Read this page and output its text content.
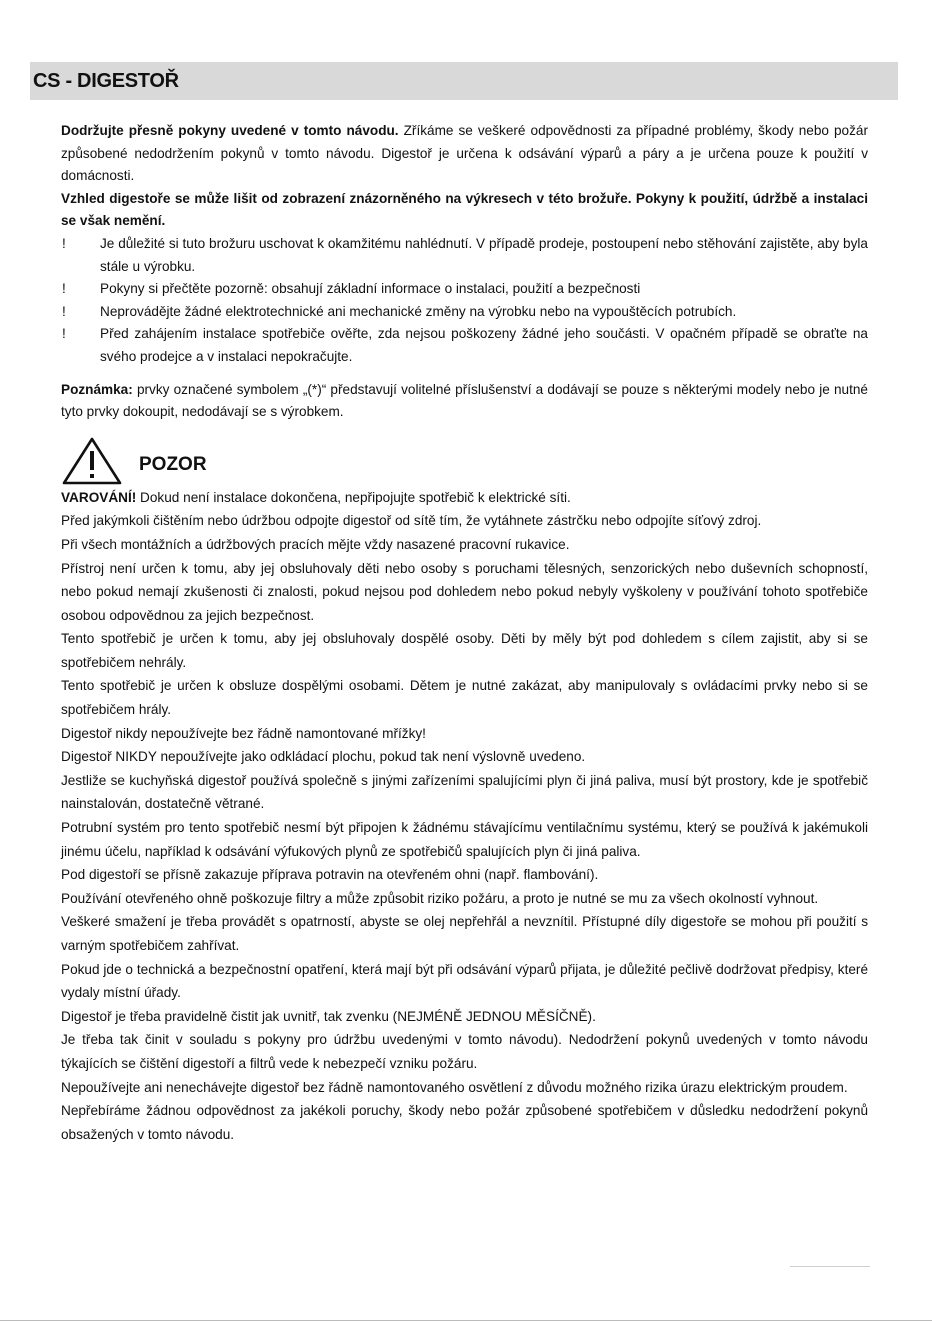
CS - DIGESTOŘ

Dodržujte přesně pokyny uvedené v tomto návodu. Zříkáme se veškeré odpovědnosti za případné problémy, škody nebo požár způsobené nedodržením pokynů v tomto návodu. Digestoř je určena k odsávání výparů a páry a je určena pouze k použití v domácnosti.

Vzhled digestoře se může lišit od zobrazení znázorněného na výkresech v této brožuře. Pokyny k použití, údržbě a instalaci se však nemění.

!	Je důležité si tuto brožuru uschovat k okamžitému nahlédnutí. V případě prodeje, postoupení nebo stěhování zajistěte, aby byla stále u výrobku.

!	Pokyny si přečtěte pozorně: obsahují základní informace o instalaci, použití a bezpečnosti

!	Neprovádějte žádné elektrotechnické ani mechanické změny na výrobku nebo na vypouštěcích potrubích.

!	Před zahájením instalace spotřebiče ověřte, zda nejsou poškozeny žádné jeho součásti. V opačném případě se obraťte na svého prodejce a v instalaci nepokračujte.

Poznámka: prvky označené symbolem „(*)“ představují volitelné příslušenství a dodávají se pouze s některými modely nebo je nutné tyto prvky dokoupit, nedodávají se s výrobkem.

POZOR

VAROVÁNÍ! Dokud není instalace dokončena, nepřipojujte spotřebič k elektrické síti.

Před jakýmkoli čištěním nebo údržbou odpojte digestoř od sítě tím, že vytáhnete zástrčku nebo odpojíte síťový zdroj.

Při všech montážních a údržbových pracích mějte vždy nasazené pracovní rukavice.

Přístroj není určen k tomu, aby jej obsluhovaly děti nebo osoby s poruchami tělesných, senzorických nebo duševních schopností, nebo pokud nemají zkušenosti či znalosti, pokud nejsou pod dohledem nebo pokud nebyly vyškoleny v používání tohoto spotřebiče osobou odpovědnou za jejich bezpečnost.

Tento spotřebič je určen k tomu, aby jej obsluhovaly dospělé osoby. Děti by měly být pod dohledem s cílem zajistit, aby si se spotřebičem nehrály.

Tento spotřebič je určen k obsluze dospělými osobami. Dětem je nutné zakázat, aby manipulovaly s ovládacími prvky nebo si se spotřebičem hrály.

Digestoř nikdy nepoužívejte bez řádně namontované mřížky!

Digestoř NIKDY nepoužívejte jako odkládací plochu, pokud tak není výslovně uvedeno.

Jestliže se kuchyňská digestoř používá společně s jinými zařízeními spalujícími plyn či jiná paliva, musí být prostory, kde je spotřebič nainstalován, dostatečně větrané.

Potrubní systém pro tento spotřebič nesmí být připojen k žádnému stávajícímu ventilačnímu systému, který se používá k jakémukoli jinému účelu, například k odsávání výfukových plynů ze spotřebičů spalujících plyn či jiná paliva.

Pod digestoří se přísně zakazuje příprava potravin na otevřeném ohni (např. flambování).

Používání otevřeného ohně poškozuje filtry a může způsobit riziko požáru, a proto je nutné se mu za všech okolností vyhnout.

Veškeré smažení je třeba provádět s opatrností, abyste se olej nepřehřál a nevznítil. Přístupné díly digestoře se mohou při použití s varným spotřebičem zahřívat.

Pokud jde o technická a bezpečnostní opatření, která mají být při odsávání výparů přijata, je důležité pečlivě dodržovat předpisy, které vydaly místní úřady.

Digestoř je třeba pravidelně čistit jak uvnitř, tak zvenku (NEJMÉNĚ JEDNOU MĚSÍČNĚ).

Je třeba tak činit v souladu s pokyny pro údržbu uvedenými v tomto návodu). Nedodržení pokynů uvedených v tomto návodu týkajících se čištění digestoří a filtrů vede k nebezpečí vzniku požáru.

Nepoužívejte ani nenechávejte digestoř bez řádně namontovaného osvětlení z důvodu možného rizika úrazu elektrickým proudem.

Nepřebíráme žádnou odpovědnost za jakékoli poruchy, škody nebo požár způsobené spotřebičem v důsledku nedodržení pokynů obsažených v tomto návodu.
